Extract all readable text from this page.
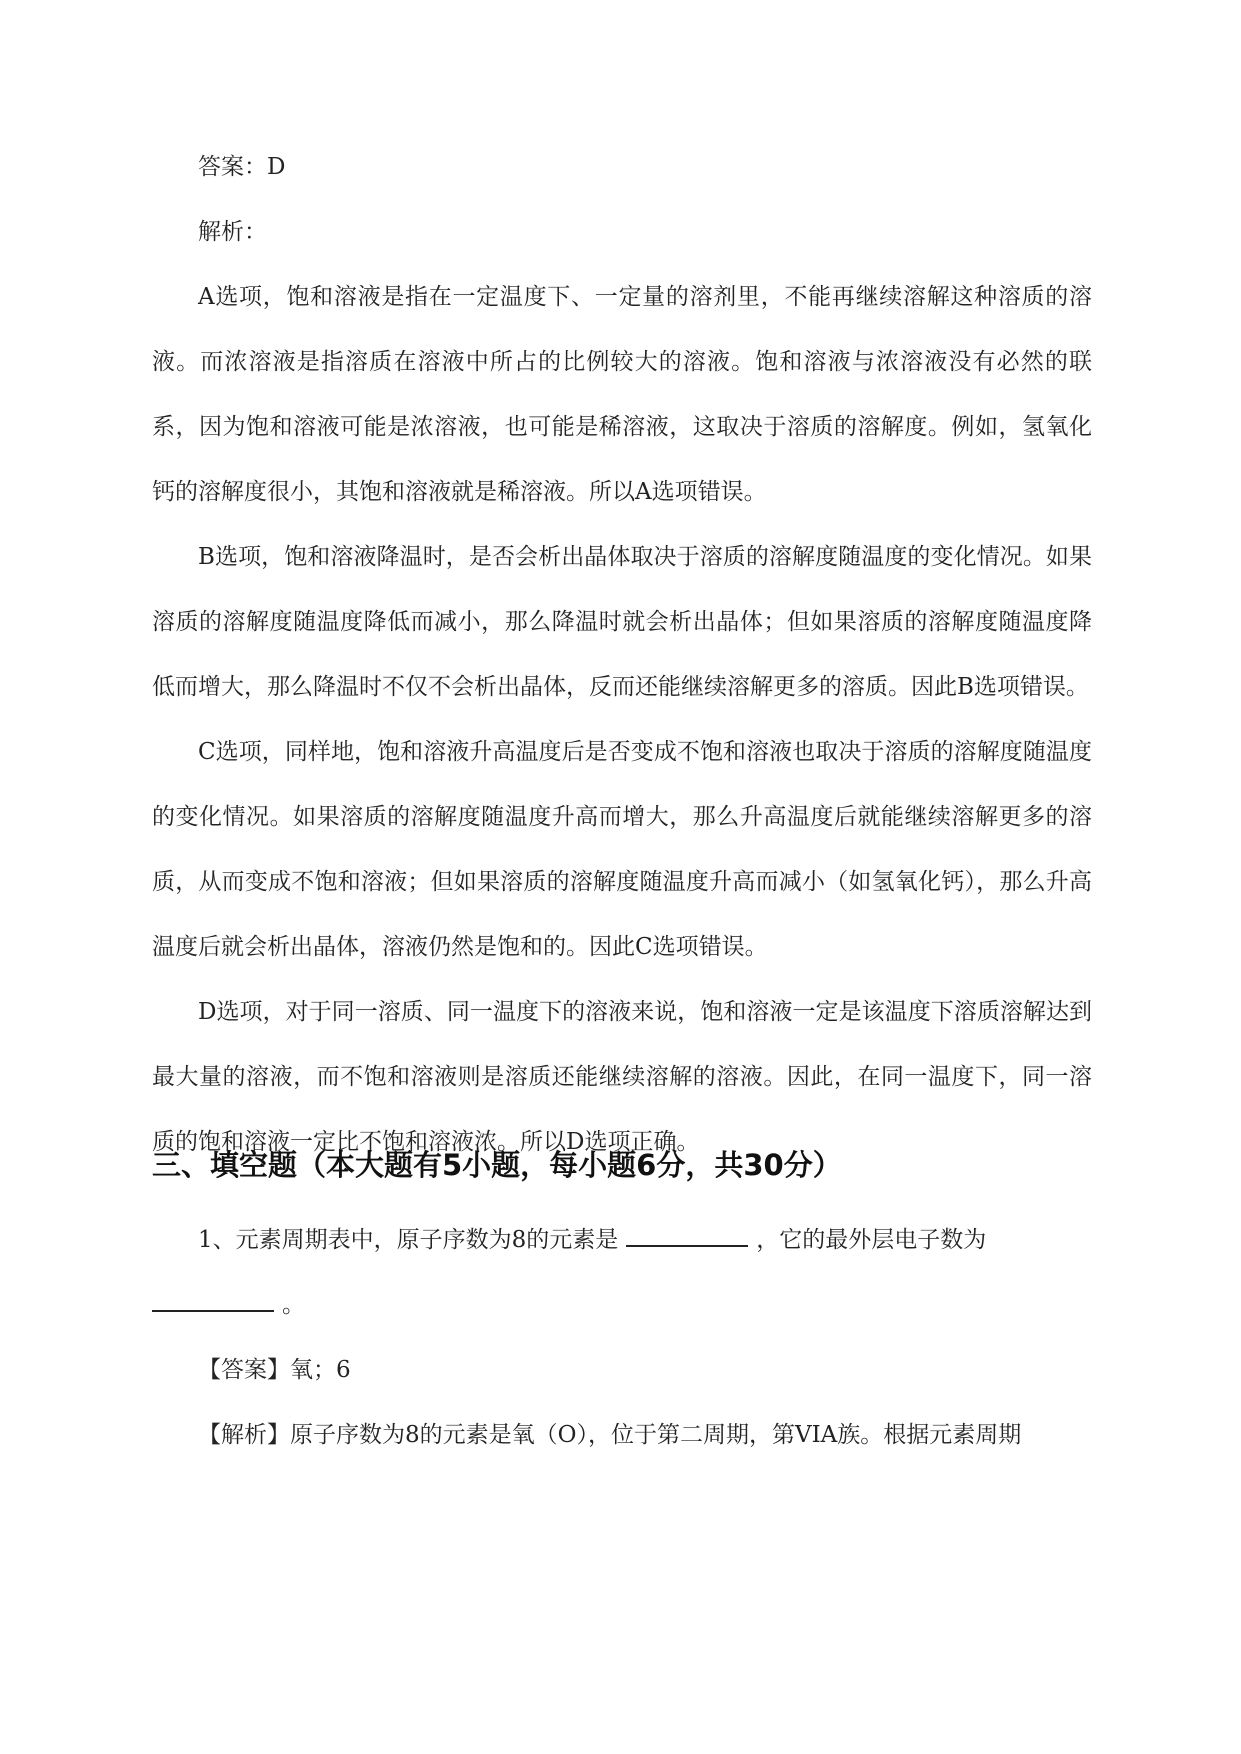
答案：D

解析：

A选项，饱和溶液是指在一定温度下、一定量的溶剂里，不能再继续溶解这种溶质的溶液。而浓溶液是指溶质在溶液中所占的比例较大的溶液。饱和溶液与浓溶液没有必然的联系，因为饱和溶液可能是浓溶液，也可能是稀溶液，这取决于溶质的溶解度。例如，氢氧化钙的溶解度很小，其饱和溶液就是稀溶液。所以A选项错误。

B选项，饱和溶液降温时，是否会析出晶体取决于溶质的溶解度随温度的变化情况。如果溶质的溶解度随温度降低而减小，那么降温时就会析出晶体；但如果溶质的溶解度随温度降低而增大，那么降温时不仅不会析出晶体，反而还能继续溶解更多的溶质。因此B选项错误。

C选项，同样地，饱和溶液升高温度后是否变成不饱和溶液也取决于溶质的溶解度随温度的变化情况。如果溶质的溶解度随温度升高而增大，那么升高温度后就能继续溶解更多的溶质，从而变成不饱和溶液；但如果溶质的溶解度随温度升高而减小（如氢氧化钙），那么升高温度后就会析出晶体，溶液仍然是饱和的。因此C选项错误。

D选项，对于同一溶质、同一温度下的溶液来说，饱和溶液一定是该温度下溶质溶解达到最大量的溶液，而不饱和溶液则是溶质还能继续溶解的溶液。因此，在同一温度下，同一溶质的饱和溶液一定比不饱和溶液浓。所以D选项正确。

三、填空题（本大题有5小题，每小题6分，共30分）

1、元素周期表中，原子序数为8的元素是	，它的最外层电子数为
。

【答案】氧；6

【解析】原子序数为8的元素是氧（O），位于第二周期，第VIA族。根据元素周期
